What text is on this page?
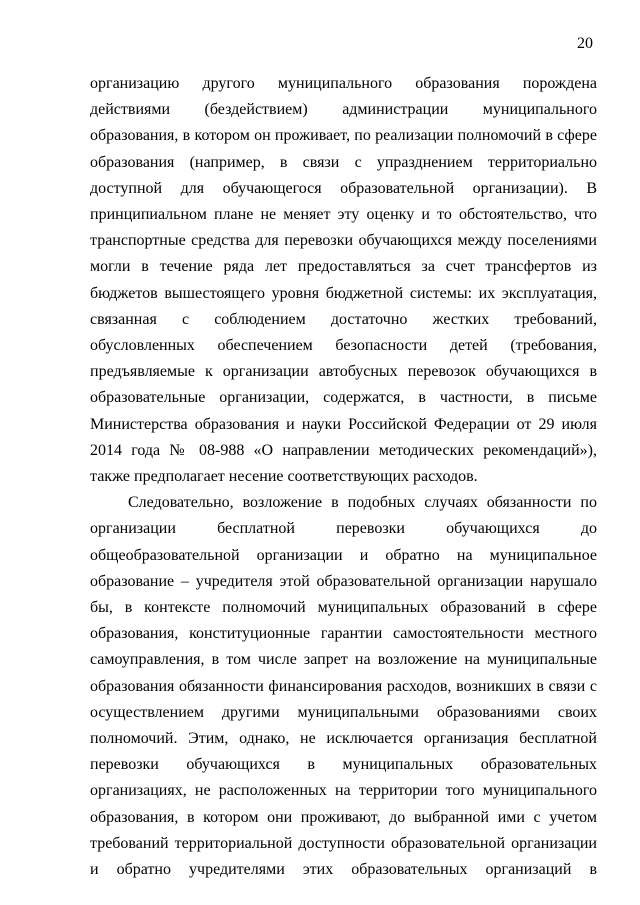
20

организацию другого муниципального образования порождена действиями (бездействием) администрации муниципального образования, в котором он проживает, по реализации полномочий в сфере образования (например, в связи с упразднением территориально доступной для обучающегося образовательной организации). В принципиальном плане не меняет эту оценку и то обстоятельство, что транспортные средства для перевозки обучающихся между поселениями могли в течение ряда лет предоставляться за счет трансфертов из бюджетов вышестоящего уровня бюджетной системы: их эксплуатация, связанная с соблюдением достаточно жестких требований, обусловленных обеспечением безопасности детей (требования, предъявляемые к организации автобусных перевозок обучающихся в образовательные организации, содержатся, в частности, в письме Министерства образования и науки Российской Федерации от 29 июля 2014 года № 08-988 «О направлении методических рекомендаций»), также предполагает несение соответствующих расходов.

Следовательно, возложение в подобных случаях обязанности по организации бесплатной перевозки обучающихся до общеобразовательной организации и обратно на муниципальное образование – учредителя этой образовательной организации нарушало бы, в контексте полномочий муниципальных образований в сфере образования, конституционные гарантии самостоятельности местного самоуправления, в том числе запрет на возложение на муниципальные образования обязанности финансирования расходов, возникших в связи с осуществлением другими муниципальными образованиями своих полномочий. Этим, однако, не исключается организация бесплатной перевозки обучающихся в муниципальных образовательных организациях, не расположенных на территории того муниципального образования, в котором они проживают, до выбранной ими с учетом требований территориальной доступности образовательной организации и обратно учредителями этих образовательных организаций в
